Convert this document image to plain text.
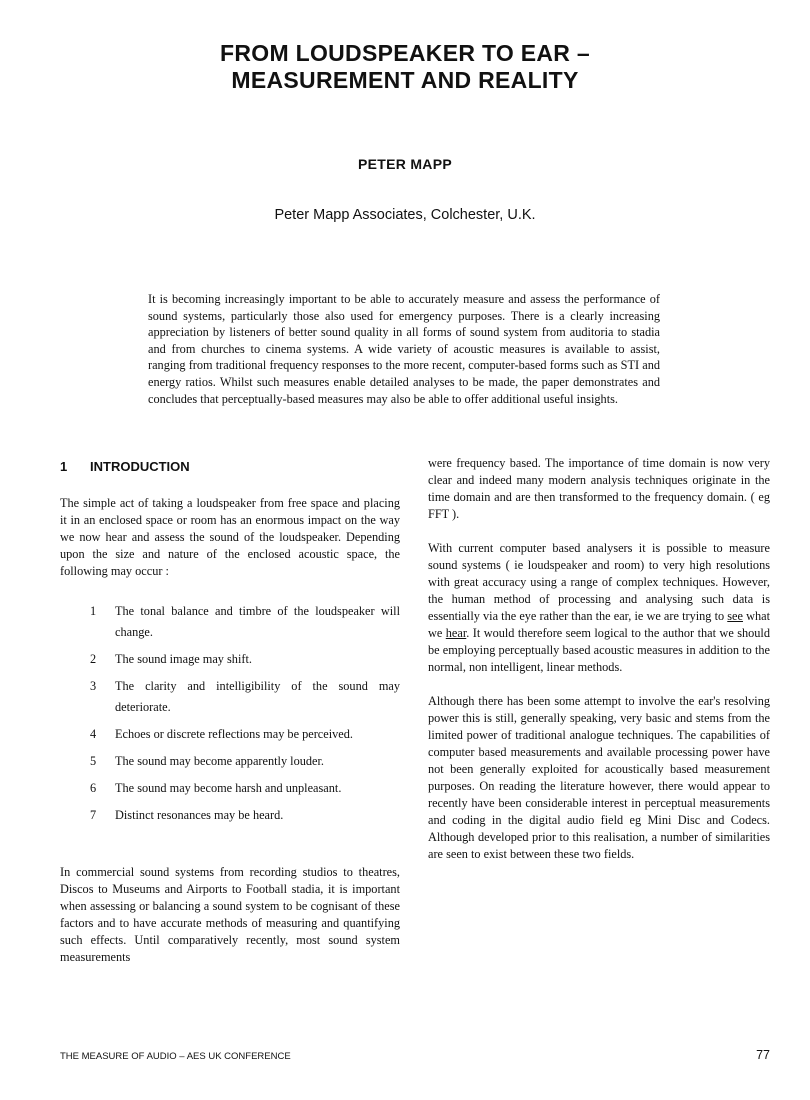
FROM LOUDSPEAKER TO EAR –
MEASUREMENT AND REALITY
PETER MAPP
Peter Mapp Associates, Colchester, U.K.
It is becoming increasingly important to be able to accurately measure and assess the performance of sound systems, particularly those also used for emergency purposes. There is a clearly increasing appreciation by listeners of better sound quality in all forms of sound system from auditoria to stadia and from churches to cinema systems. A wide variety of acoustic measures is available to assist, ranging from traditional frequency responses to the more recent, computer-based forms such as STI and energy ratios. Whilst such measures enable detailed analyses to be made, the paper demonstrates and concludes that perceptually-based measures may also be able to offer additional useful insights.
1	INTRODUCTION

The simple act of taking a loudspeaker from free space and placing it in an enclosed space or room has an enormous impact on the way we now hear and assess the sound of the loudspeaker. Depending upon the size and nature of the enclosed acoustic space, the following may occur :

1	The tonal balance and timbre of the loudspeaker will change.
2	The sound image may shift.
3	The clarity and intelligibility of the sound may deteriorate.
4	Echoes or discrete reflections may be perceived.
5	The sound may become apparently louder.
6	The sound may become harsh and unpleasant.
7	Distinct resonances may be heard.

In commercial sound systems from recording studios to theatres, Discos to Museums and Airports to Football stadia, it is important when assessing or balancing a sound system to be cognisant of these factors and to have accurate methods of measuring and quantifying such effects. Until comparatively recently, most sound system measurements

were frequency based. The importance of time domain is now very clear and indeed many modern analysis techniques originate in the time domain and are then transformed to the frequency domain. ( eg FFT ).

With current computer based analysers it is possible to measure sound systems ( ie loudspeaker and room) to very high resolutions with great accuracy using a range of complex techniques. However, the human method of processing and analysing such data is essentially via the eye rather than the ear, ie we are trying to see what we hear. It would therefore seem logical to the author that we should be employing perceptually based acoustic measures in addition to the normal, non intelligent, linear methods.

Although there has been some attempt to involve the ear's resolving power this is still, generally speaking, very basic and stems from the limited power of traditional analogue techniques. The capabilities of computer based measurements and available processing power have not been generally exploited for acoustically based measurement purposes. On reading the literature however, there would appear to recently have been considerable interest in perceptual measurements and coding in the digital audio field eg Mini Disc and Codecs. Although developed prior to this realisation, a number of similarities are seen to exist between these two fields.

THE MEASURE OF AUDIO – AES UK CONFERENCE	77
